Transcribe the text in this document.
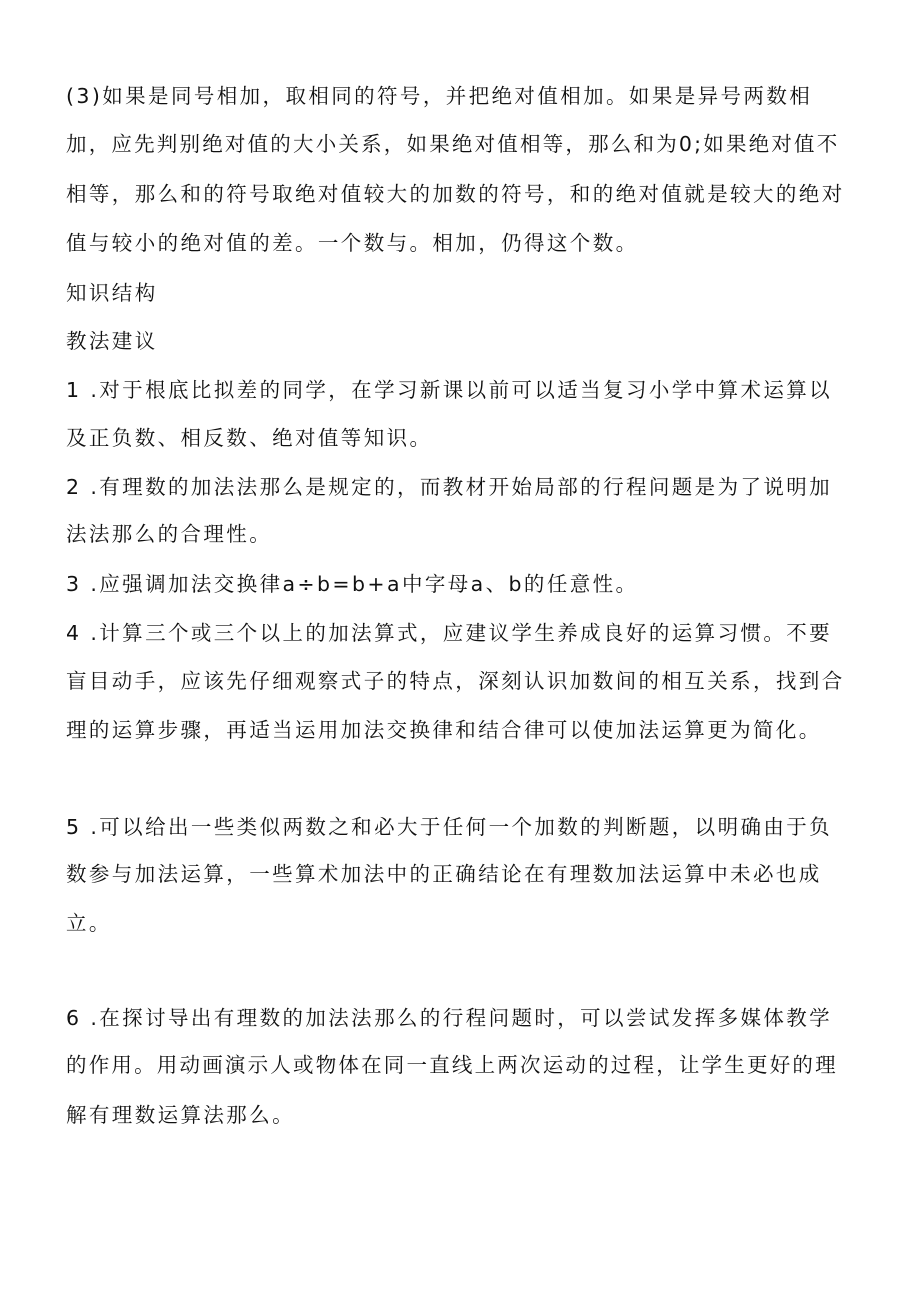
(3)如果是同号相加，取相同的符号，并把绝对值相加。如果是异号两数相
加，应先判别绝对值的大小关系，如果绝对值相等，那么和为0;如果绝对值不
相等，那么和的符号取绝对值较大的加数的符号，和的绝对值就是较大的绝对
值与较小的绝对值的差。一个数与。相加，仍得这个数。
知识结构
教法建议
1 .对于根底比拟差的同学，在学习新课以前可以适当复习小学中算术运算以
及正负数、相反数、绝对值等知识。
2 .有理数的加法法那么是规定的，而教材开始局部的行程问题是为了说明加
法法那么的合理性。
3 .应强调加法交换律a÷b=b+a中字母a、b的任意性。
4 .计算三个或三个以上的加法算式，应建议学生养成良好的运算习惯。不要
盲目动手，应该先仔细观察式子的特点，深刻认识加数间的相互关系，找到合
理的运算步骤，再适当运用加法交换律和结合律可以使加法运算更为简化。
5 .可以给出一些类似两数之和必大于任何一个加数的判断题，以明确由于负
数参与加法运算，一些算术加法中的正确结论在有理数加法运算中未必也成
立。
6 .在探讨导出有理数的加法法那么的行程问题时，可以尝试发挥多媒体教学
的作用。用动画演示人或物体在同一直线上两次运动的过程，让学生更好的理
解有理数运算法那么。
